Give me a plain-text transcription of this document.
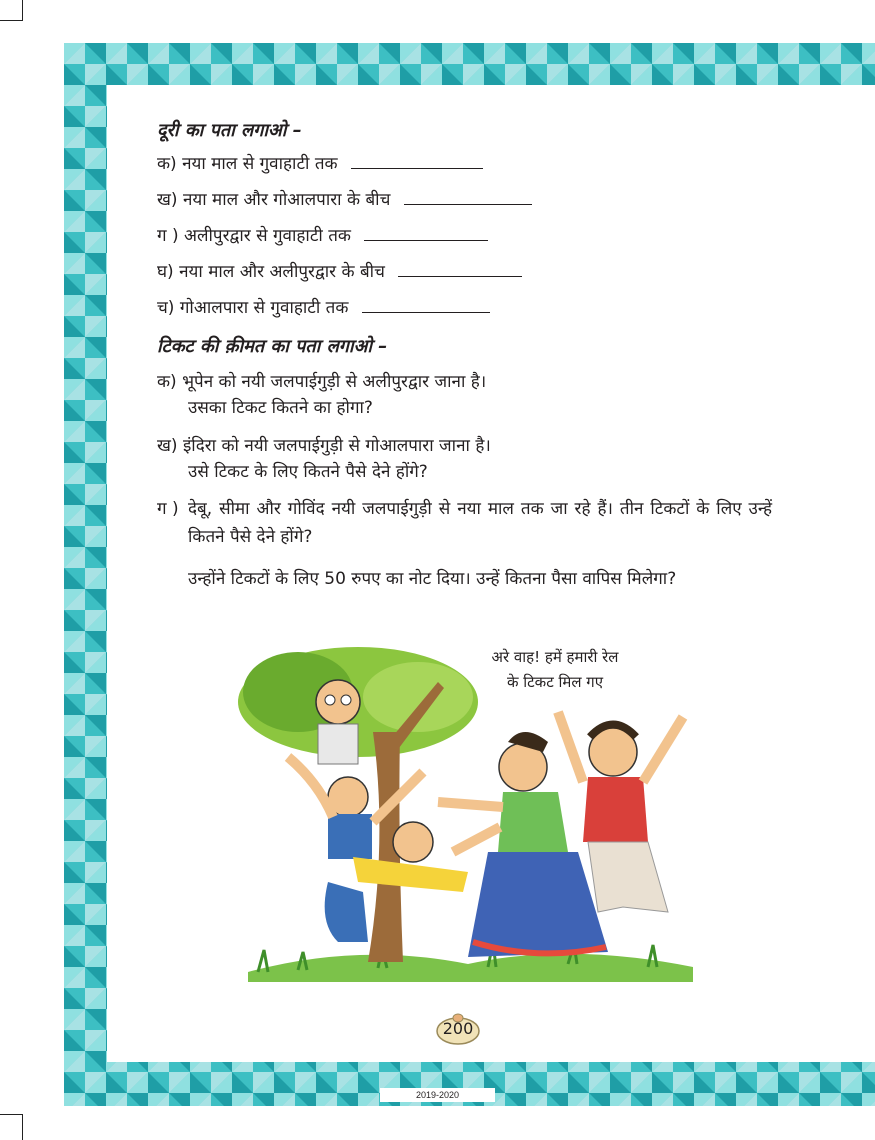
दूरी का पता लगाओ –
क) नया माल से गुवाहाटी तक
ख) नया माल और गोआलपारा के बीच
ग ) अलीपुरद्वार से गुवाहाटी तक
घ) नया माल और अलीपुरद्वार के बीच
च) गोआलपारा से गुवाहाटी तक
टिकट की क़ीमत का पता लगाओ –
क) भूपेन को नयी जलपाईगुड़ी से अलीपुरद्वार जाना है।
उसका टिकट कितने का होगा?
ख) इंदिरा को नयी जलपाईगुड़ी से गोआलपारा जाना है।
उसे टिकट के लिए कितने पैसे देने होंगे?
ग ) देबू, सीमा और गोविंद नयी जलपाईगुड़ी से नया माल तक जा रहे हैं। तीन टिकटों के लिए उन्हें कितने पैसे देने होंगे?
उन्होंने टिकटों के लिए 50 रुपए का नोट दिया। उन्हें कितना पैसा वापिस मिलेगा?
अरे वाह! हमें हमारी रेल
के टिकट मिल गए
200
2019-2020
